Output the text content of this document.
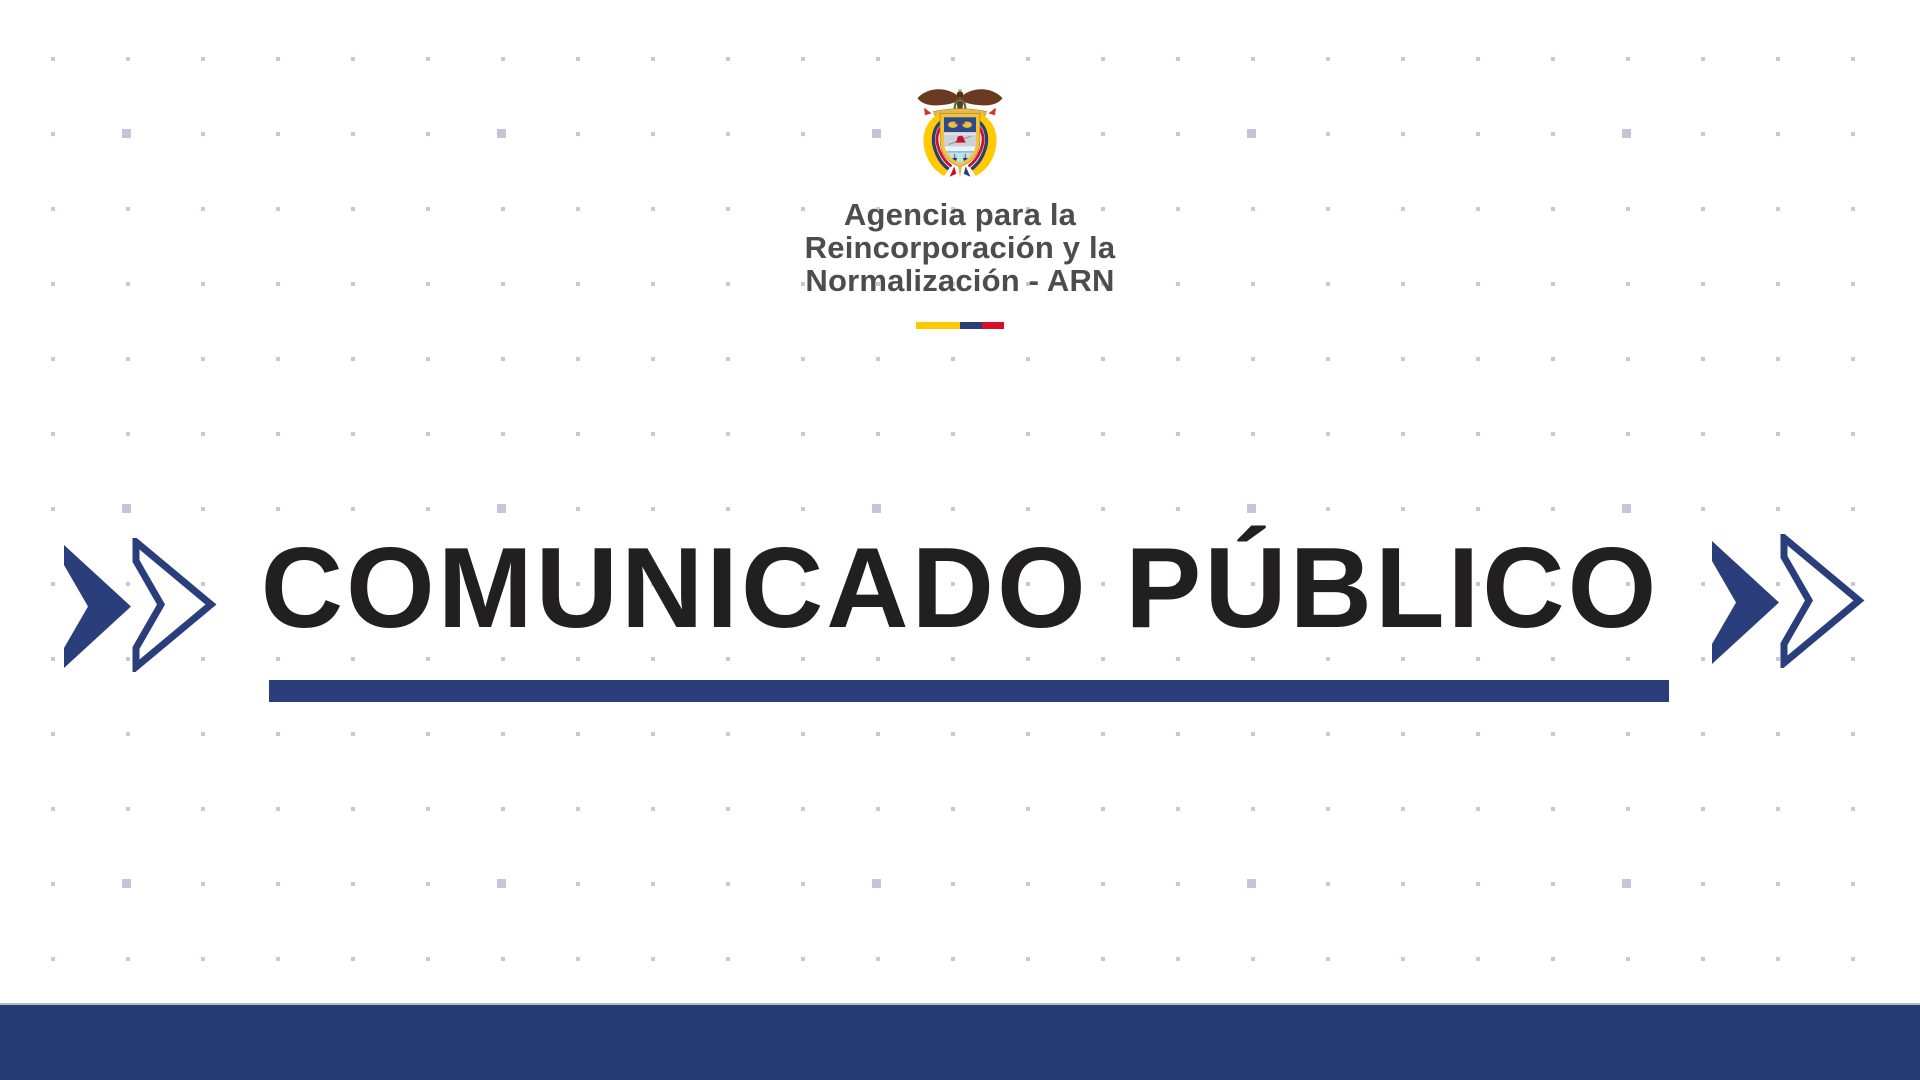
Agencia para la
Reincorporación y la
Normalización - ARN
COMUNICADO PÚBLICO
